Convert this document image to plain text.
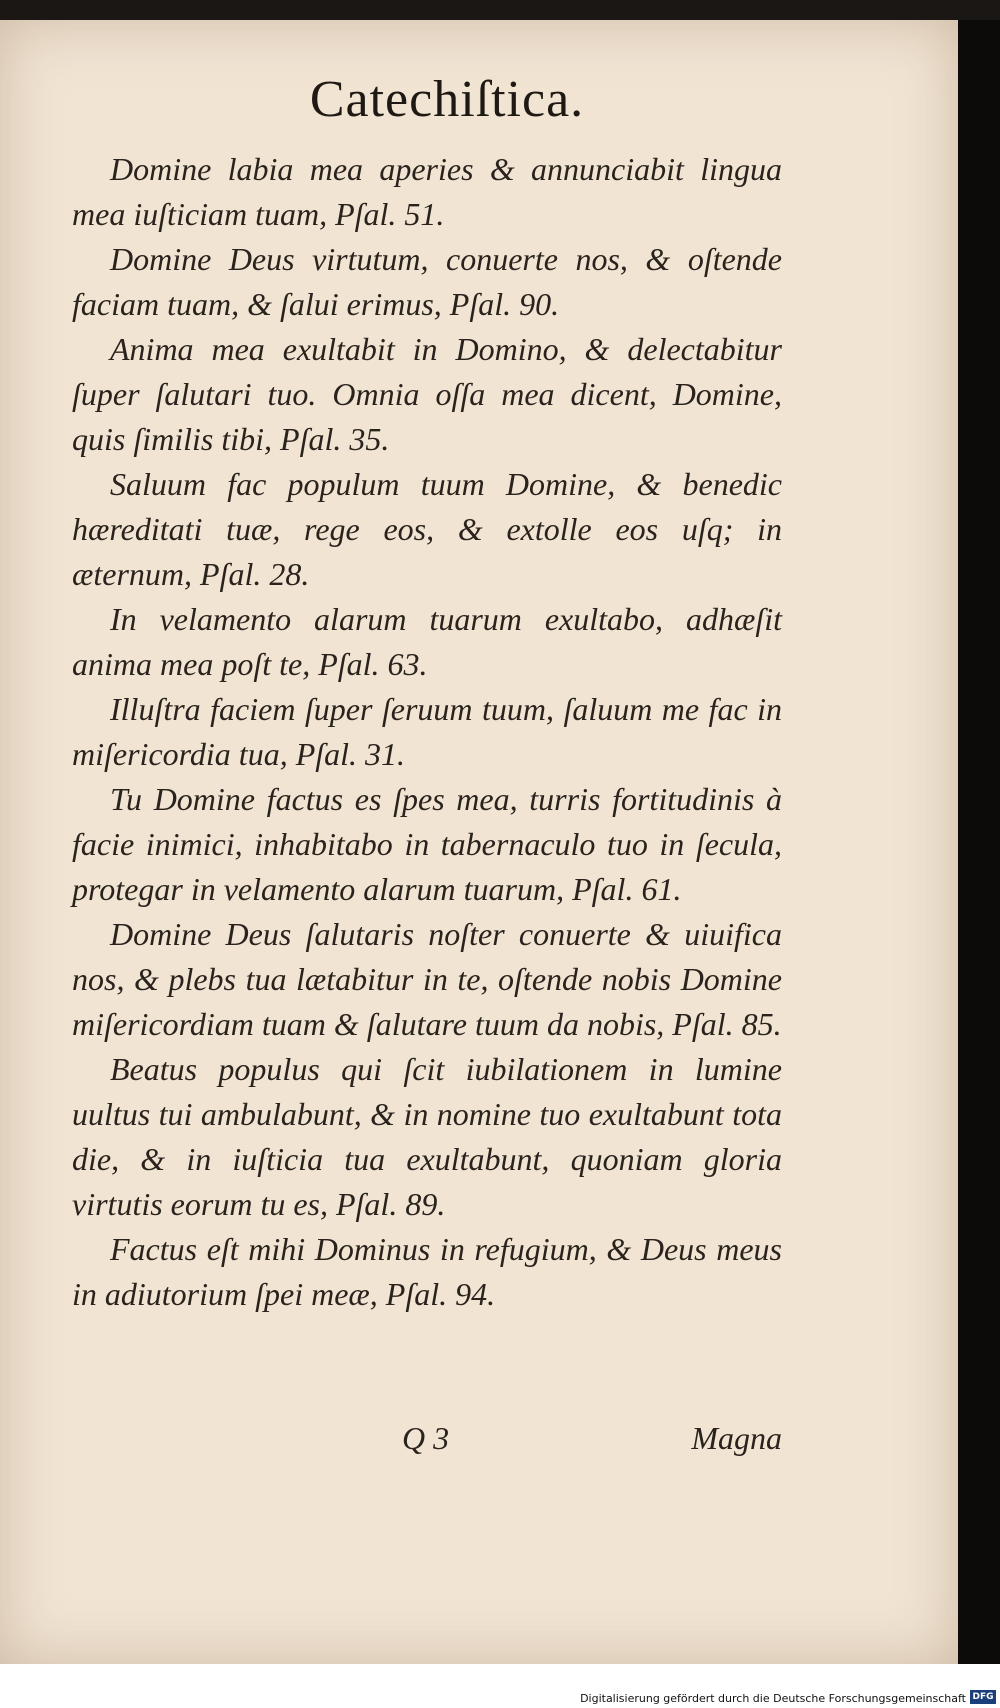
Catechiſtica.

Domine labia mea aperies & annunciabit lingua mea iuſticiam tuam, Pſal. 51.

Domine Deus virtutum, conuerte nos, & oſtende faciam tuam, & ſalui erimus, Pſal. 90.

Anima mea exultabit in Domino, & delectabitur ſuper ſalutari tuo. Omnia oſſa mea dicent, Domine, quis ſimilis tibi, Pſal. 35.

Saluum fac populum tuum Domine, & benedic hæreditati tuæ, rege eos, & extolle eos uſq; in æternum, Pſal. 28.

In velamento alarum tuarum exultabo, adhæſit anima mea poſt te, Pſal. 63.

Illuſtra faciem ſuper ſeruum tuum, ſaluum me fac in miſericordia tua, Pſal. 31.

Tu Domine factus es ſpes mea, turris fortitudinis à facie inimici, inhabitabo in tabernaculo tuo in ſecula, protegar in velamento alarum tuarum, Pſal. 61.

Domine Deus ſalutaris noſter conuerte & uiuifica nos, & plebs tua lætabitur in te, oſtende nobis Domine miſericordiam tuam & ſalutare tuum da nobis, Pſal. 85.

Beatus populus qui ſcit iubilationem in lumine uultus tui ambulabunt, & in nomine tuo exultabunt tota die, & in iuſticia tua exultabunt, quoniam gloria virtutis eorum tu es, Pſal. 89.

Factus eſt mihi Dominus in refugium, & Deus meus in adiutorium ſpei meæ, Pſal. 94.

Q 3	Magna
Digitalisierung gefördert durch die Deutsche Forschungsgemeinschaft DFG
